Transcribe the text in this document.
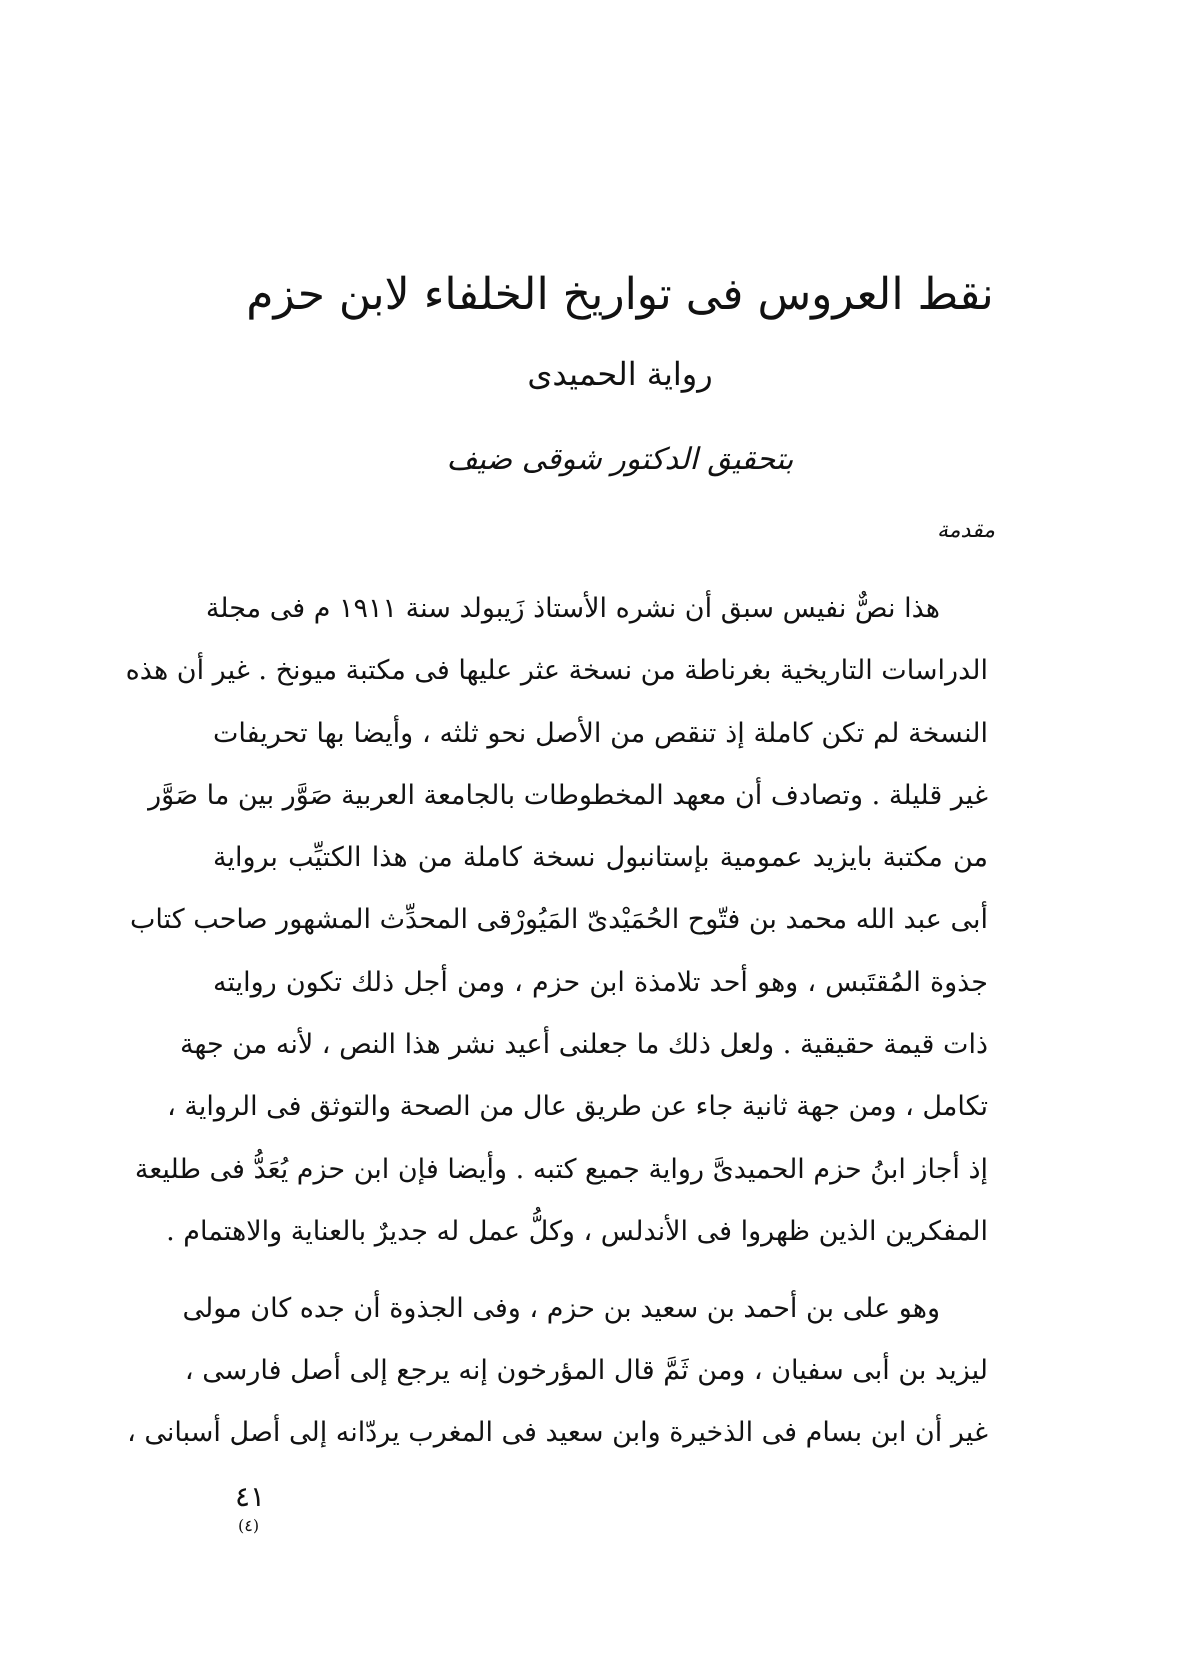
نقط العروس فى تواريخ الخلفاء لابن حزم
رواية الحميدى
بتحقيق الدكتور شوقى ضيف
مقدمة
هذا نصٌّ نفيس سبق أن نشره الأستاذ زَيبولد سنة ١٩١١ م فى مجلة
الدراسات التاريخية بغرناطة من نسخة عثر عليها فى مكتبة ميونخ . غير أن هذه
النسخة لم تكن كاملة إذ تنقص من الأصل نحو ثلثه ، وأيضا بها تحريفات
غير قليلة . وتصادف أن معهد المخطوطات بالجامعة العربية صَوَّر بين ما صَوَّر
من مكتبة بايزيد عمومية بإستانبول نسخة كاملة من هذا الكتيِّب برواية
أبى عبد الله محمد بن فتّوح الحُمَيْدىّ المَيُورْقى المحدِّث المشهور صاحب كتاب
جذوة المُقتَبس ، وهو أحد تلامذة ابن حزم ، ومن أجل ذلك تكون روايته
ذات قيمة حقيقية . ولعل ذلك ما جعلنى أعيد نشر هذا النص ، لأنه من جهة
تكامل ، ومن جهة ثانية جاء عن طريق عال من الصحة والتوثق فى الرواية ،
إذ أجاز ابنُ حزم الحميدىَّ رواية جميع كتبه . وأيضا فإن ابن حزم يُعَدُّ فى طليعة
المفكرين الذين ظهروا فى الأندلس ، وكلُّ عمل له جديرٌ بالعناية والاهتمام .
وهو على بن أحمد بن سعيد بن حزم ، وفى الجذوة أن جده كان مولى
ليزيد بن أبى سفيان ، ومن ثَمَّ قال المؤرخون إنه يرجع إلى أصل فارسى ،
غير أن ابن بسام فى الذخيرة وابن سعيد فى المغرب يردّانه إلى أصل أسبانى ،
٤١
(٤)
